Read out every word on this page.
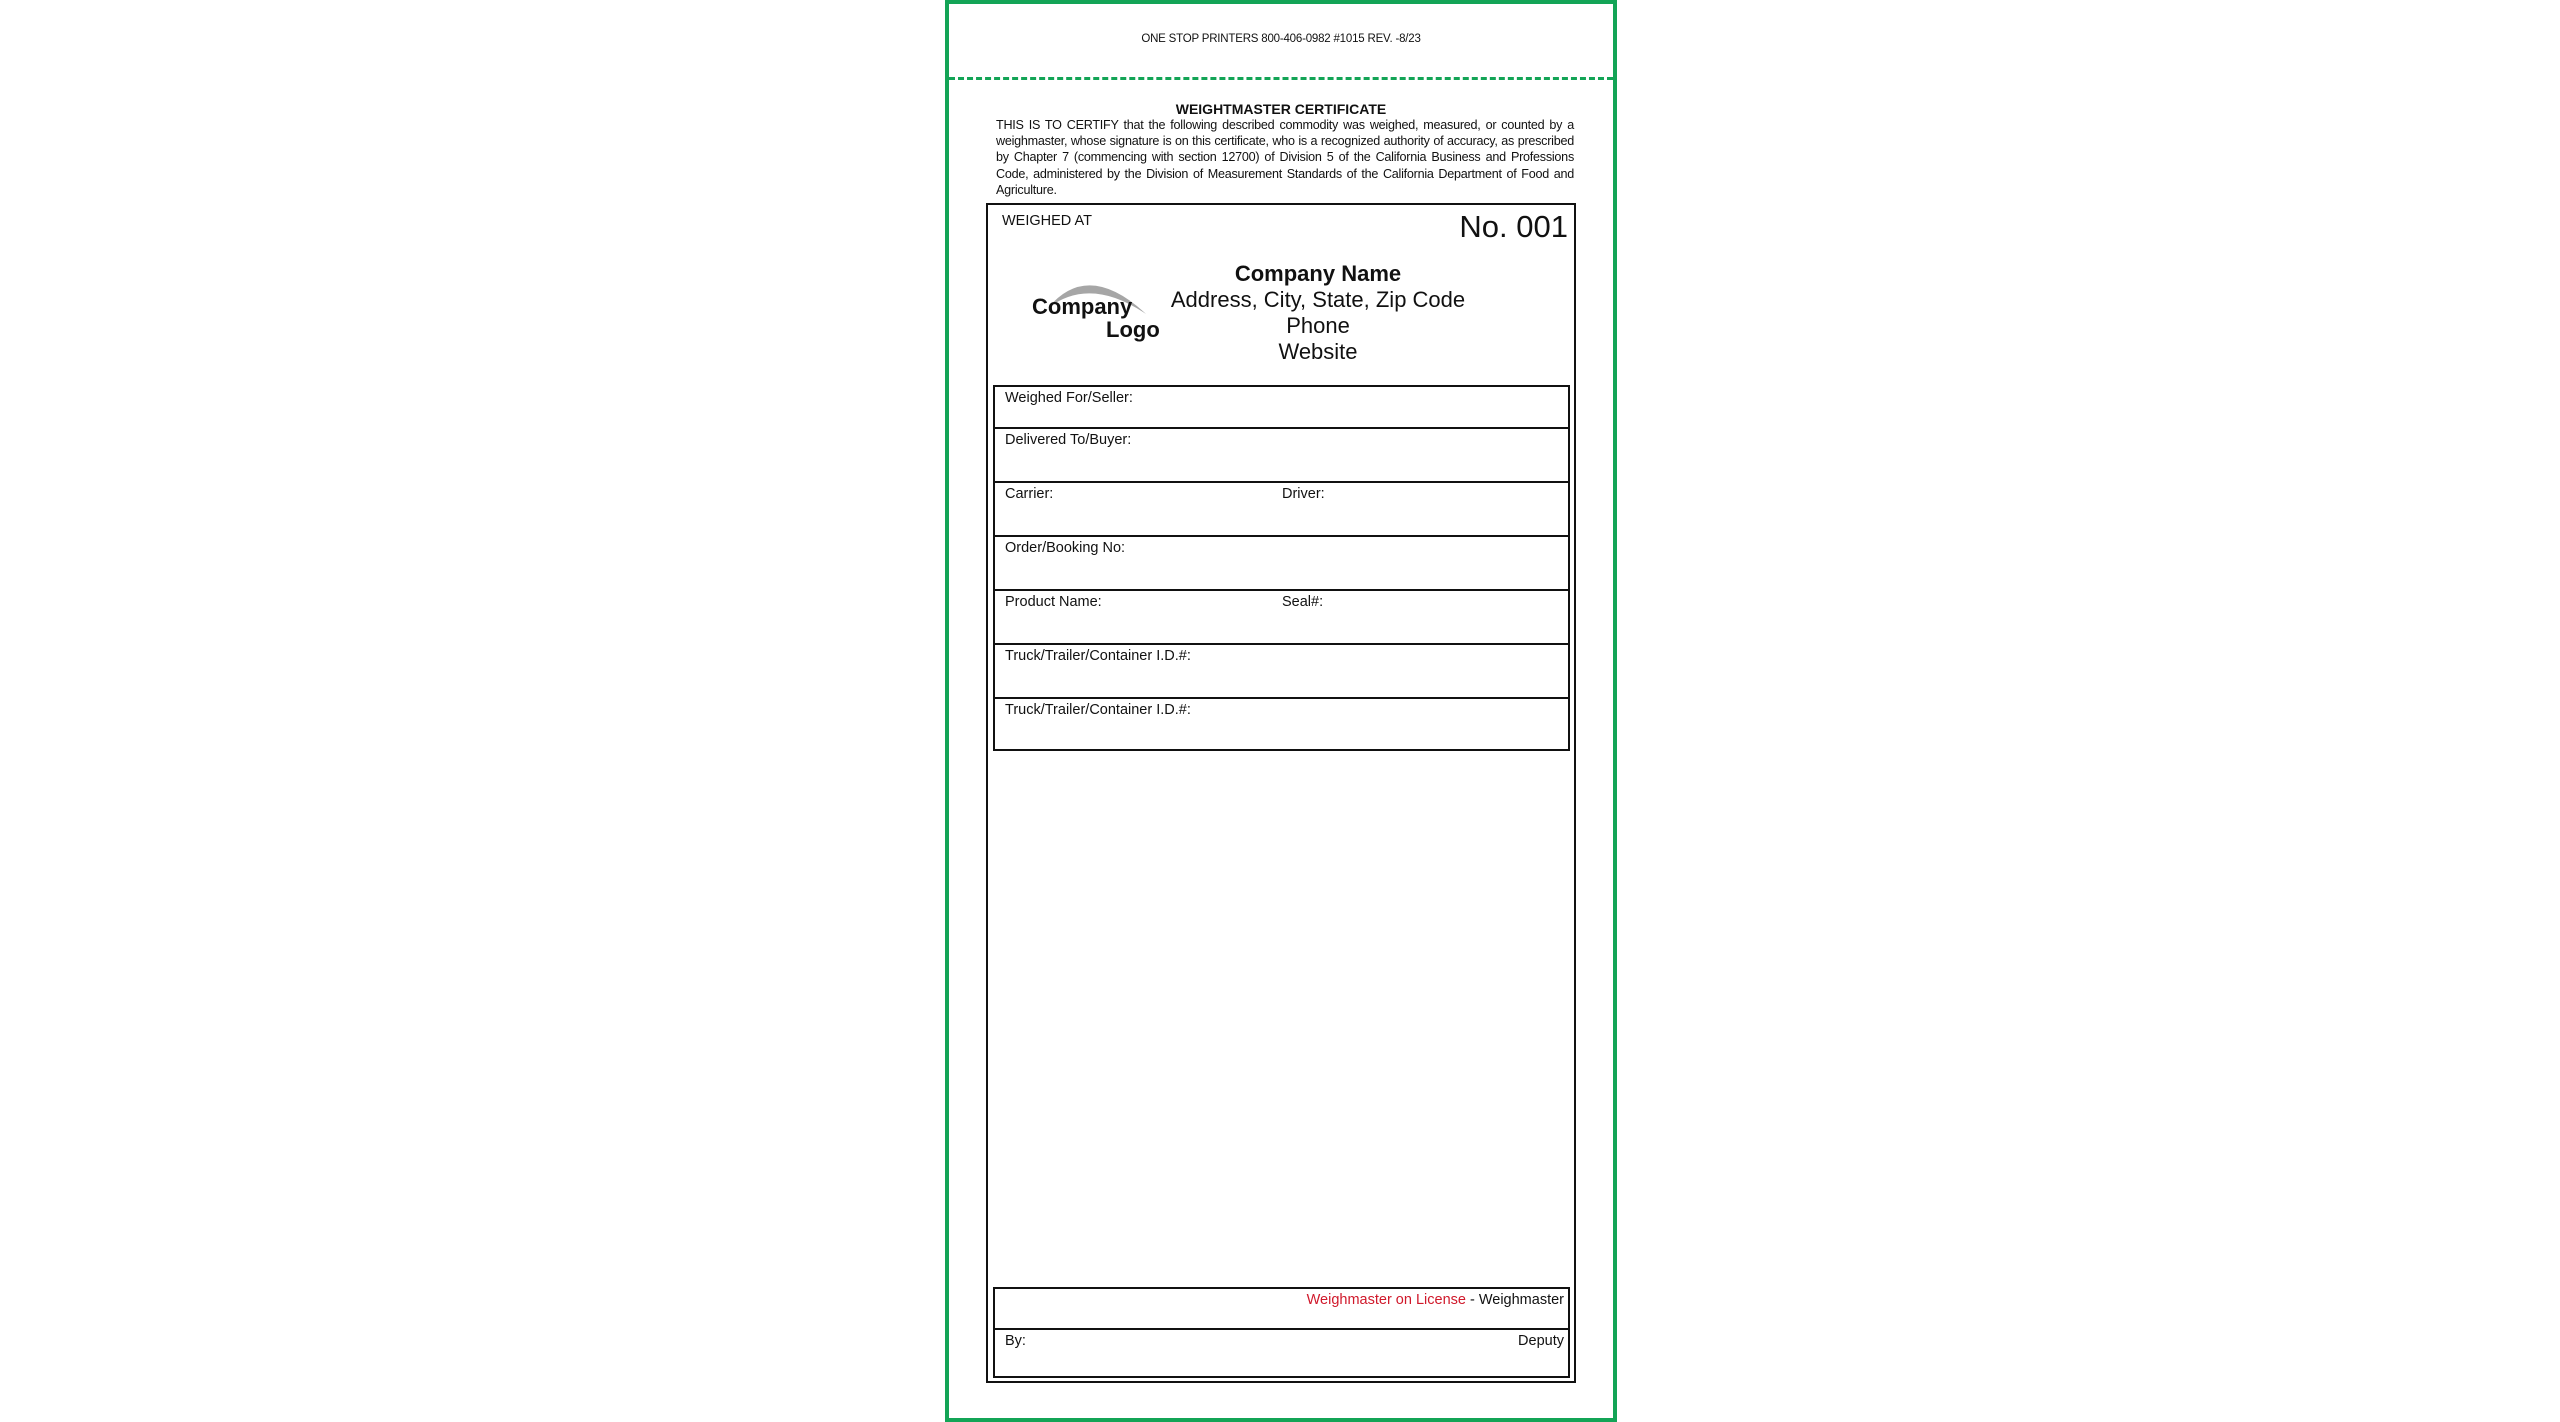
ONE STOP PRINTERS 800-406-0982 #1015 REV. -8/23
WEIGHTMASTER CERTIFICATE
THIS IS TO CERTIFY that the following described commodity was weighed, measured, or counted by a weighmaster, whose signature is on this certificate, who is a recognized authority of accuracy, as prescribed by Chapter 7 (commencing with section 12700) of Division 5 of the California Business and Professions Code, administered by the Division of Measurement Standards of the California Department of Food and Agriculture.
WEIGHED AT	No. 001
Company
Logo
Company Name
Address, City, State, Zip Code
Phone
Website
Weighed For/Seller:
Delivered To/Buyer:
Carrier:	Driver:
Order/Booking No:
Product Name:	Seal#:
Truck/Trailer/Container I.D.#:
Truck/Trailer/Container I.D.#:
Weighmaster on License - Weighmaster
By:	Deputy
